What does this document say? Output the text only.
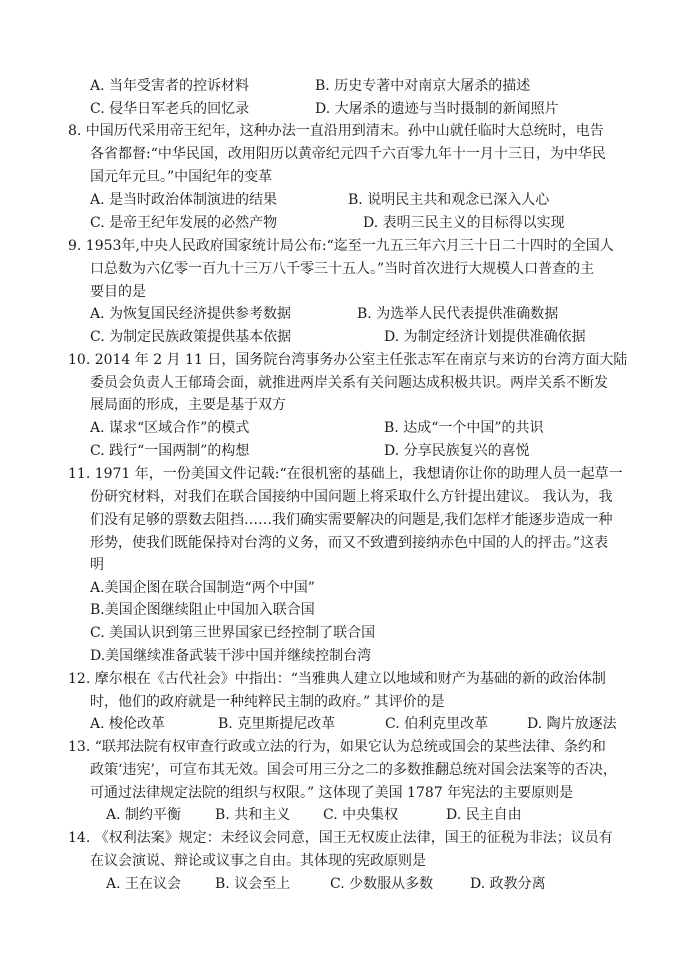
A. 当年受害者的控诉材料	B. 历史专著中对南京大屠杀的描述
C. 侵华日军老兵的回忆录	D. 大屠杀的遗迹与当时摄制的新闻照片
8. 中国历代采用帝王纪年，这种办法一直沿用到清末。孙中山就任临时大总统时，电告
各省都督:“中华民国，改用阳历以黄帝纪元四千六百零九年十一月十三日，为中华民
国元年元旦。”中国纪年的变革
A. 是当时政治体制演进的结果	B. 说明民主共和观念已深入人心
C. 是帝王纪年发展的必然产物	D. 表明三民主义的目标得以实现
9. 1953年,中央人民政府国家统计局公布:“迄至一九五三年六月三十日二十四时的全国人
口总数为六亿零一百九十三万八千零三十五人。”当时首次进行大规模人口普查的主
要目的是
A. 为恢复国民经济提供参考数据	B. 为选举人民代表提供准确数据
C. 为制定民族政策提供基本依据	D. 为制定经济计划提供准确依据
10. 2014 年 2 月 11 日，国务院台湾事务办公室主任张志军在南京与来访的台湾方面大陆
委员会负责人王郁琦会面，就推进两岸关系有关问题达成积极共识。两岸关系不断发
展局面的形成，主要是基于双方
A. 谋求“区域合作”的模式	B. 达成“一个中国”的共识
C. 践行“一国两制”的构想	D. 分享民族复兴的喜悦
11. 1971 年，一份美国文件记载:“在很机密的基础上，我想请你让你的助理人员一起草一
份研究材料，对我们在联合国接纳中国问题上将采取什么方针提出建议。 我认为，我
们没有足够的票数去阻挡……我们确实需要解决的问题是,我们怎样才能逐步造成一种
形势，使我们既能保持对台湾的义务，而又不致遭到接纳赤色中国的人的抨击。”这表
明
A.美国企图在联合国制造“两个中国”
B.美国企图继续阻止中国加入联合国
C. 美国认识到第三世界国家已经控制了联合国
D.美国继续准备武装干涉中国并继续控制台湾
12. 摩尔根在《古代社会》中指出：“当雅典人建立以地域和财产为基础的新的政治体制
时，他们的政府就是一种纯粹民主制的政府。” 其评价的是
A. 梭伦改革	B. 克里斯提尼改革	C. 伯利克里改革	D. 陶片放逐法
13. “联邦法院有权审查行政或立法的行为，如果它认为总统或国会的某些法律、条约和
政策‘违宪’，可宣布其无效。国会可用三分之二的多数推翻总统对国会法案等的否决，
可通过法律规定法院的组织与权限。” 这体现了美国 1787 年宪法的主要原则是
A. 制约平衡 B. 共和主义 C. 中央集权	D. 民主自由
14. 《权利法案》规定：未经议会同意，国王无权废止法律，国王的征税为非法；议员有
在议会演说、辩论或议事之自由。其体现的宪政原则是
A. 王在议会 B. 议会至上	C. 少数服从多数	D. 政教分离
